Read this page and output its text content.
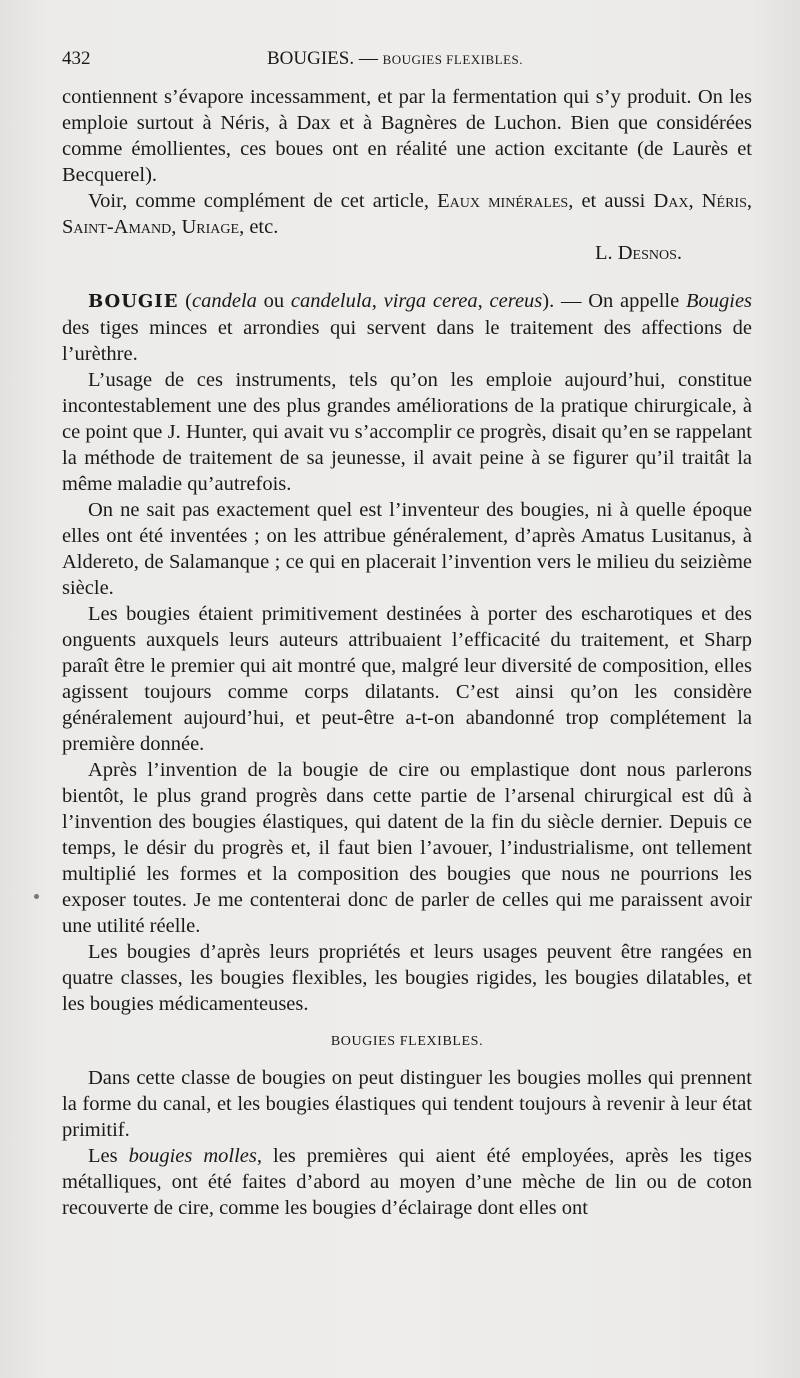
432	BOUGIES. — BOUGIES FLEXIBLES.

contiennent s’évapore incessamment, et par la fermentation qui s’y produit. On les emploie surtout à Néris, à Dax et à Bagnères de Luchon. Bien que considérées comme émollientes, ces boues ont en réalité une action excitante (de Laurès et Becquerel).

Voir, comme complément de cet article, Eaux minérales, et aussi Dax, Néris, Saint-Amand, Uriage, etc.

L. Desnos.

BOUGIE (candela ou candelula, virga cerea, cereus). — On appelle Bougies des tiges minces et arrondies qui servent dans le traitement des affections de l’urèthre.

L’usage de ces instruments, tels qu’on les emploie aujourd’hui, constitue incontestablement une des plus grandes améliorations de la pratique chirurgicale, à ce point que J. Hunter, qui avait vu s’accomplir ce progrès, disait qu’en se rappelant la méthode de traitement de sa jeunesse, il avait peine à se figurer qu’il traitât la même maladie qu’autrefois.

On ne sait pas exactement quel est l’inventeur des bougies, ni à quelle époque elles ont été inventées ; on les attribue généralement, d’après Amatus Lusitanus, à Aldereto, de Salamanque ; ce qui en placerait l’invention vers le milieu du seizième siècle.

Les bougies étaient primitivement destinées à porter des escharotiques et des onguents auxquels leurs auteurs attribuaient l’efficacité du traitement, et Sharp paraît être le premier qui ait montré que, malgré leur diversité de composition, elles agissent toujours comme corps dilatants. C’est ainsi qu’on les considère généralement aujourd’hui, et peut-être a-t-on abandonné trop complétement la première donnée.

Après l’invention de la bougie de cire ou emplastique dont nous parlerons bientôt, le plus grand progrès dans cette partie de l’arsenal chirurgical est dû à l’invention des bougies élastiques, qui datent de la fin du siècle dernier. Depuis ce temps, le désir du progrès et, il faut bien l’avouer, l’industrialisme, ont tellement multiplié les formes et la composition des bougies que nous ne pourrions les exposer toutes. Je me contenterai donc de parler de celles qui me paraissent avoir une utilité réelle.

Les bougies d’après leurs propriétés et leurs usages peuvent être rangées en quatre classes, les bougies flexibles, les bougies rigides, les bougies dilatables, et les bougies médicamenteuses.

BOUGIES FLEXIBLES.

Dans cette classe de bougies on peut distinguer les bougies molles qui prennent la forme du canal, et les bougies élastiques qui tendent toujours à revenir à leur état primitif.

Les bougies molles, les premières qui aient été employées, après les tiges métalliques, ont été faites d’abord au moyen d’une mèche de lin ou de coton recouverte de cire, comme les bougies d’éclairage dont elles ont
